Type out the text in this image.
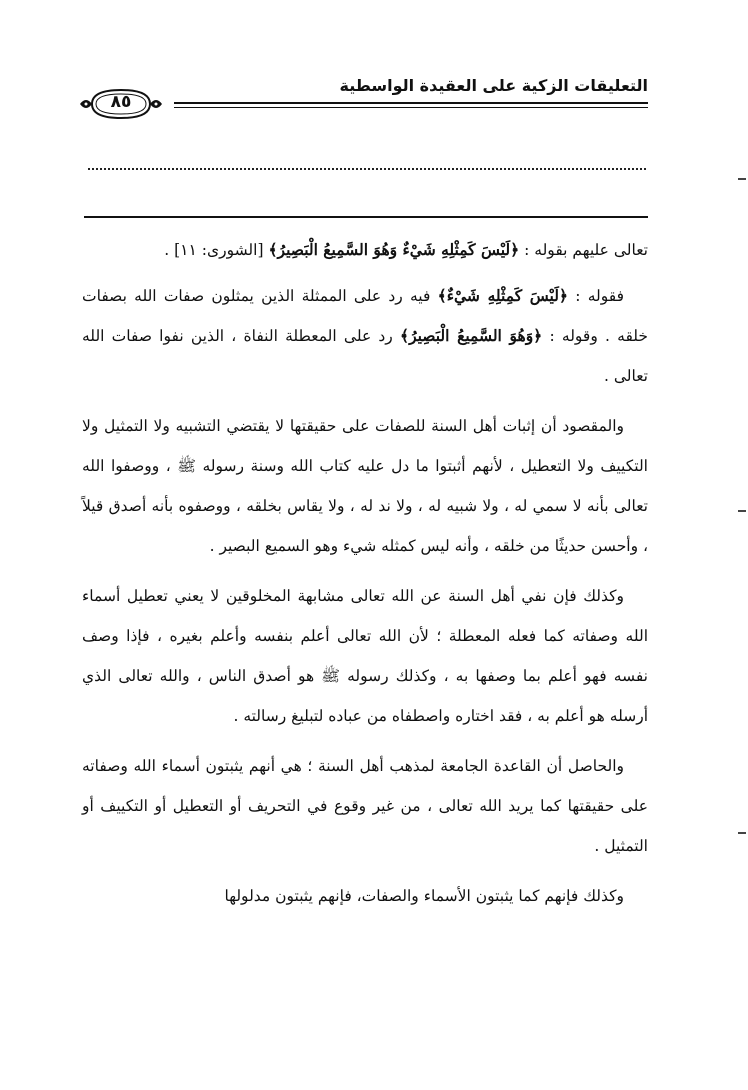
التعليقات الزكية على العقيدة الواسطية
٨٥

تعالى عليهم بقوله : ﴿لَيْسَ كَمِثْلِهِ شَيْءٌ وَهُوَ السَّمِيعُ الْبَصِيرُ﴾ [الشورى: ١١] .

فقوله : ﴿لَيْسَ كَمِثْلِهِ شَيْءٌ﴾ فيه رد على الممثلة الذين يمثلون صفات الله بصفات خلقه . وقوله : ﴿وَهُوَ السَّمِيعُ الْبَصِيرُ﴾ رد على المعطلة النفاة ، الذين نفوا صفات الله تعالى .

والمقصود أن إثبات أهل السنة للصفات على حقيقتها لا يقتضي التشبيه ولا التمثيل ولا التكييف ولا التعطيل ، لأنهم أثبتوا ما دل عليه كتاب الله وسنة رسوله ﷺ ، ووصفوا الله تعالى بأنه لا سمي له ، ولا شبيه له ، ولا ند له ، ولا يقاس بخلقه ، ووصفوه بأنه أصدق قيلاً ، وأحسن حديثًا من خلقه ، وأنه ليس كمثله شيء وهو السميع البصير .

وكذلك فإن نفي أهل السنة عن الله تعالى مشابهة المخلوقين لا يعني تعطيل أسماء الله وصفاته كما فعله المعطلة ؛ لأن الله تعالى أعلم بنفسه وأعلم بغيره ، فإذا وصف نفسه فهو أعلم بما وصفها به ، وكذلك رسوله ﷺ هو أصدق الناس ، والله تعالى الذي أرسله هو أعلم به ، فقد اختاره واصطفاه من عباده لتبليغ رسالته .

والحاصل أن القاعدة الجامعة لمذهب أهل السنة ؛ هي أنهم يثبتون أسماء الله وصفاته على حقيقتها كما يريد الله تعالى ، من غير وقوع في التحريف أو التعطيل أو التكييف أو التمثيل .

وكذلك فإنهم كما يثبتون الأسماء والصفات، فإنهم يثبتون مدلولها
